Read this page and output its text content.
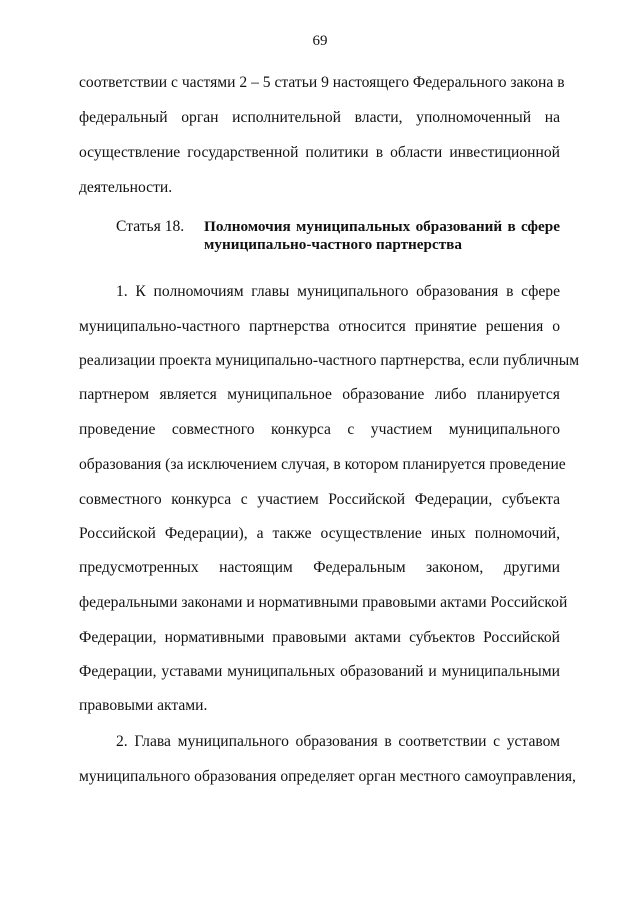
69
соответствии с частями 2 – 5 статьи 9 настоящего Федерального закона в
федеральный орган исполнительной власти, уполномоченный на
осуществление государственной политики в области инвестиционной
деятельности.
Статья 18. Полномочия муниципальных образований в сфере
муниципально-частного партнерства
1. К полномочиям главы муниципального образования в сфере
муниципально-частного партнерства относится принятие решения о
реализации проекта муниципально-частного партнерства, если публичным
партнером является муниципальное образование либо планируется
проведение совместного конкурса с участием муниципального
образования (за исключением случая, в котором планируется проведение
совместного конкурса с участием Российской Федерации, субъекта
Российской Федерации), а также осуществление иных полномочий,
предусмотренных настоящим Федеральным законом, другими
федеральными законами и нормативными правовыми актами Российской
Федерации, нормативными правовыми актами субъектов Российской
Федерации, уставами муниципальных образований и муниципальными
правовыми актами.
2. Глава муниципального образования в соответствии с уставом
муниципального образования определяет орган местного самоуправления,
